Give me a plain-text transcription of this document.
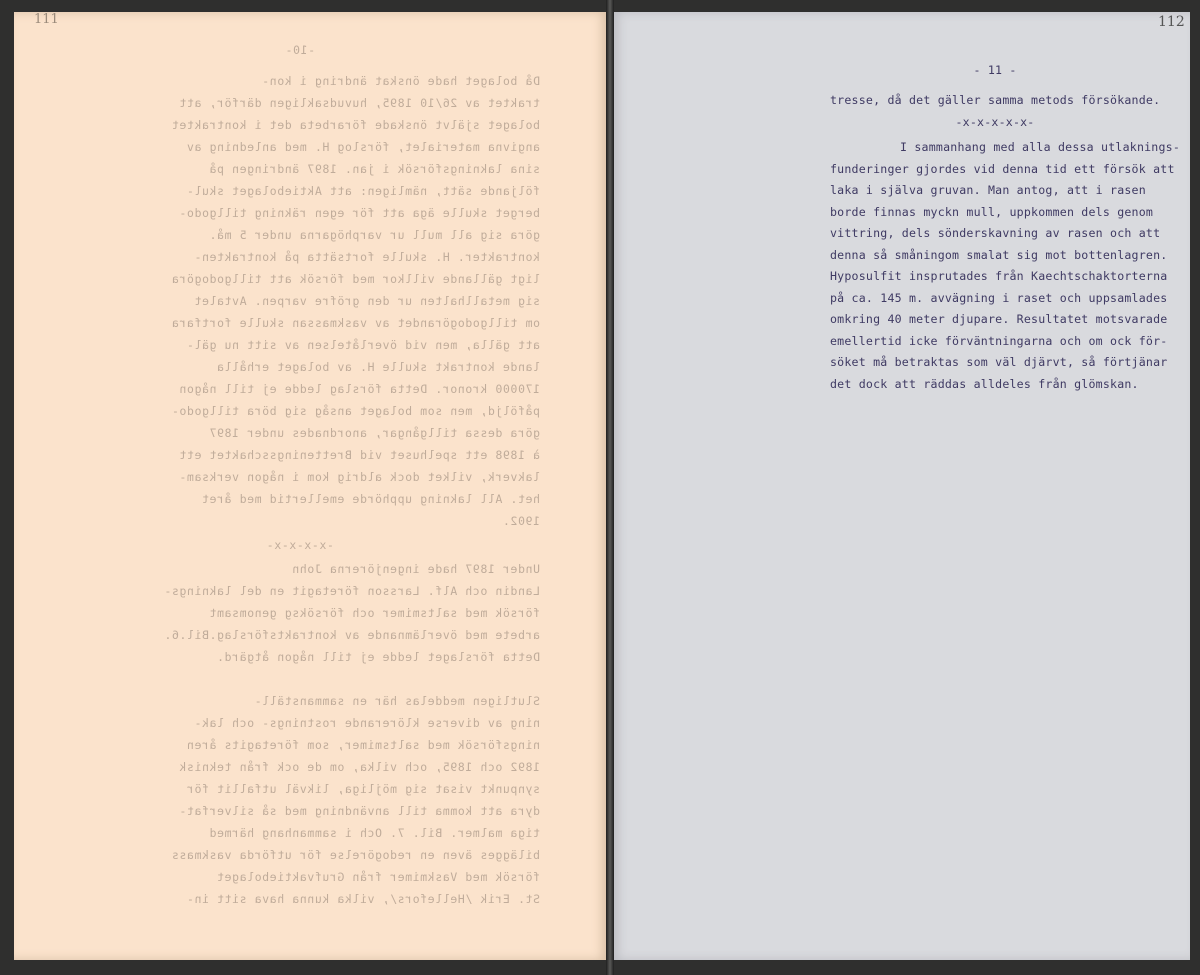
111	112
-10-
Då bolaget hade önskat ändring i kon-
traktet av 26/10 1895, huvudsakligen därför, att
bolaget självt önskade förarbeta det i kontraktet
angivna materialet, förslog H. med anledning av
sina lakningsförsök i jan. 1897 ändringen på
följande sätt, nämligen: att Aktiebolaget skul-
berget skulle äga att för egen räkning tillgodo-
göra sig all mull ur varphögarna under 5 må.
kontrakter. H. skulle fortsätta på kontrakten-
ligt gällande villkor med försök att tillgodogöra
sig metallhalten ur den gröfre varpen. Avtalet
om tillgodogörandet av vaskmassan skulle fortfara
att gälla, men vid överlåtelsen av sitt nu gäl-
lande kontrakt skulle H. av bolaget erhålla
170000 kronor. Detta förslag ledde ej till någon
påföljd, men som bolaget ansåg sig böra tillgodo-
göra dessa tillgångar, anordnades under 1897
à 1898 ett spelhuset vid Bretteningsschaktet ett
lakverk, vilket dock aldrig kom i någon verksam-
het. All lakning upphörde emellertid med året
1902.
-x-x-x-x-
Under 1897 hade ingenjörerna John
Landin och Alf. Larsson företagit en del laknings-
försök med saltsmimer och försöksg genomsamt
arbete med överlämnande av kontraktsförslag.Bil.6.
Detta förslaget ledde ej till någon åtgärd.
Slutligen meddelas här en sammanställ-
ning av diverse klörerande rostnings- och lak-
ningsförsök med saltsmimer, som företagits åren
1892 och 1895, och vilka, om de ock från teknisk
synpunkt visat sig möjliga, likväl utfallit för
dyra att komma till användning med så silverfat-
tiga malmer. Bil. 7. Och i sammanhang härmed
bilägges även en redogörelse för utförda vaskmass
försök med Vaskmimer från Grufvaktiebolaget
St. Erik /Hellefors/, vilka kunna hava sitt in-
- 11 -
tresse, då det gäller samma metods försökande.
-x-x-x-x-x-
I sammanhang med alla dessa utlaknings-
funderinger gjordes vid denna tid ett försök att
laka i själva gruvan. Man antog, att i rasen
borde finnas myckn mull, uppkommen dels genom
vittring, dels sönderskavning av rasen och att
denna så småningom smalat sig mot bottenlagren.
Hyposulfit insprutades från Kaechtschaktorterna
på ca. 145 m. avvägning i raset och uppsamlades
omkring 40 meter djupare. Resultatet motsvarade
emellertid icke förväntningarna och om ock för-
söket må betraktas som väl djärvt, så förtjänar
det dock att räddas alldeles från glömskan.
